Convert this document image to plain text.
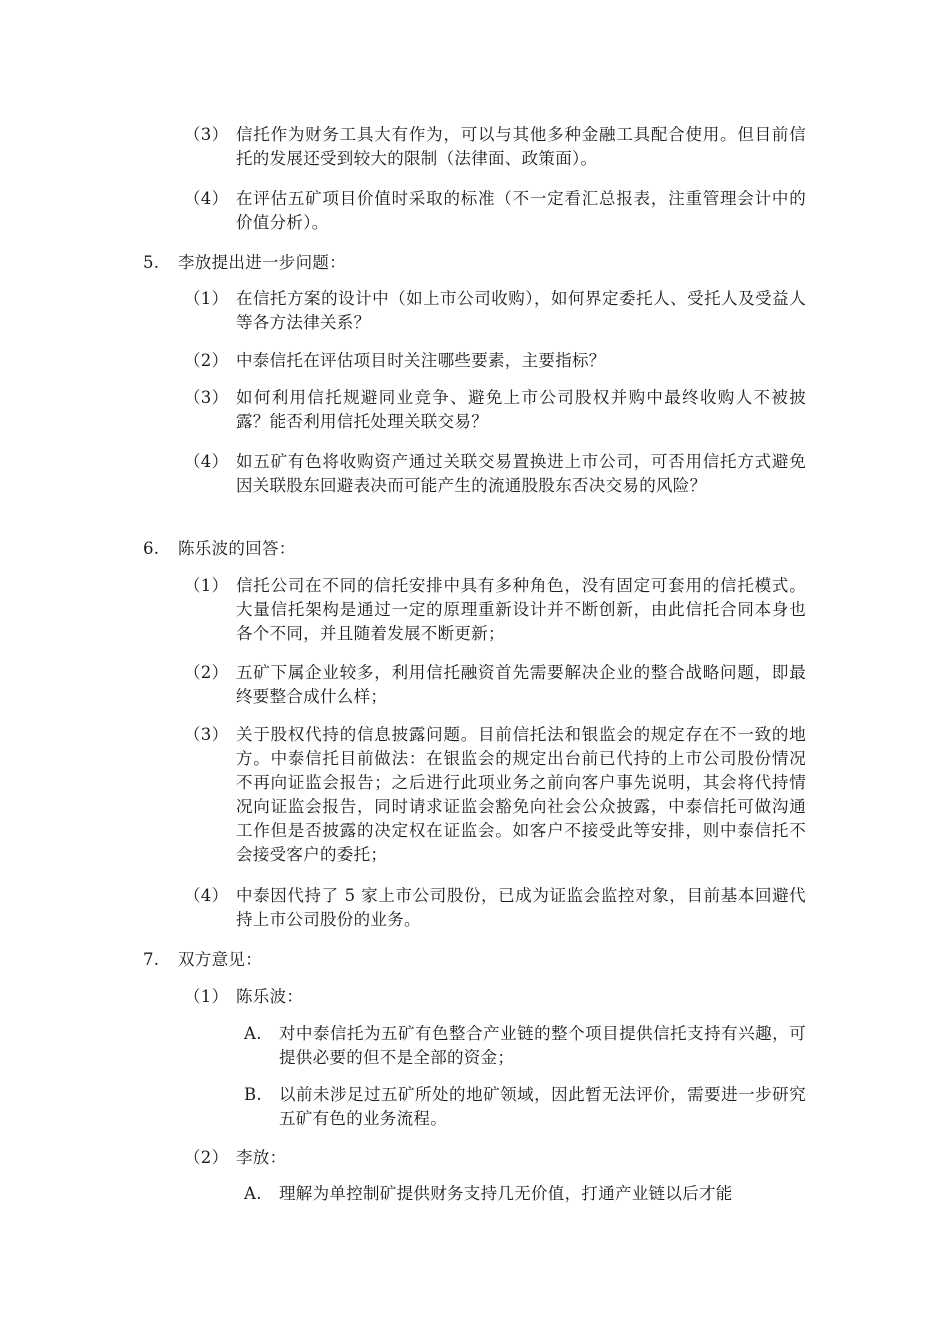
（3） 信托作为财务工具大有作为，可以与其他多种金融工具配合使用。但目前信托的发展还受到较大的限制（法律面、政策面）。
（4） 在评估五矿项目价值时采取的标准（不一定看汇总报表，注重管理会计中的价值分析）。
5. 李放提出进一步问题：
（1） 在信托方案的设计中（如上市公司收购），如何界定委托人、受托人及受益人等各方法律关系？
（2） 中泰信托在评估项目时关注哪些要素，主要指标？
（3） 如何利用信托规避同业竞争、避免上市公司股权并购中最终收购人不被披露？能否利用信托处理关联交易？
（4） 如五矿有色将收购资产通过关联交易置换进上市公司，可否用信托方式避免因关联股东回避表决而可能产生的流通股股东否决交易的风险？
6. 陈乐波的回答：
（1） 信托公司在不同的信托安排中具有多种角色，没有固定可套用的信托模式。大量信托架构是通过一定的原理重新设计并不断创新，由此信托合同本身也各个不同，并且随着发展不断更新；
（2） 五矿下属企业较多，利用信托融资首先需要解决企业的整合战略问题，即最终要整合成什么样；
（3） 关于股权代持的信息披露问题。目前信托法和银监会的规定存在不一致的地方。中泰信托目前做法：在银监会的规定出台前已代持的上市公司股份情况不再向证监会报告；之后进行此项业务之前向客户事先说明，其会将代持情况向证监会报告，同时请求证监会豁免向社会公众披露，中泰信托可做沟通工作但是否披露的决定权在证监会。如客户不接受此等安排，则中泰信托不会接受客户的委托；
（4） 中泰因代持了 5 家上市公司股份，已成为证监会监控对象，目前基本回避代持上市公司股份的业务。
7. 双方意见：
（1） 陈乐波：
A. 对中泰信托为五矿有色整合产业链的整个项目提供信托支持有兴趣，可提供必要的但不是全部的资金；
B. 以前未涉足过五矿所处的地矿领域，因此暂无法评价，需要进一步研究五矿有色的业务流程。
（2） 李放：
A. 理解为单控制矿提供财务支持几无价值，打通产业链以后才能
